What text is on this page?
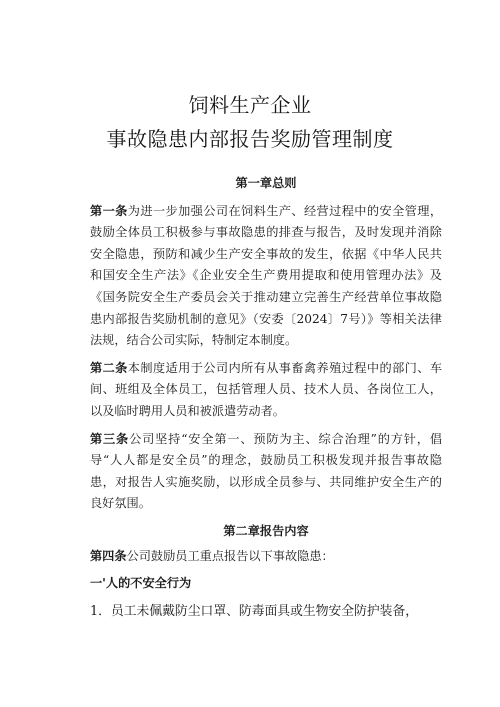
饲料生产企业
事故隐患内部报告奖励管理制度
第一章总则

第一条为进一步加强公司在饲料生产、经营过程中的安全管理，鼓励全体员工积极参与事故隐患的排查与报告，及时发现并消除安全隐患，预防和减少生产安全事故的发生，依据《中华人民共和国安全生产法》《企业安全生产费用提取和使用管理办法》及《国务院安全生产委员会关于推动建立完善生产经营单位事故隐患内部报告奖励机制的意见》（安委〔2024〕7号）》等相关法律法规，结合公司实际，特制定本制度。

第二条本制度适用于公司内所有从事畜禽养殖过程中的部门、车间、班组及全体员工，包括管理人员、技术人员、各岗位工人，以及临时聘用人员和被派遣劳动者。

第三条公司坚持“安全第一、预防为主、综合治理”的方针，倡导“人人都是安全员”的理念，鼓励员工积极发现并报告事故隐患，对报告人实施奖励，以形成全员参与、共同维护安全生产的良好氛围。

第二章报告内容

第四条公司鼓励员工重点报告以下事故隐患：

一'人的不安全行为

1．员工未佩戴防尘口罩、防毒面具或生物安全防护装备，
